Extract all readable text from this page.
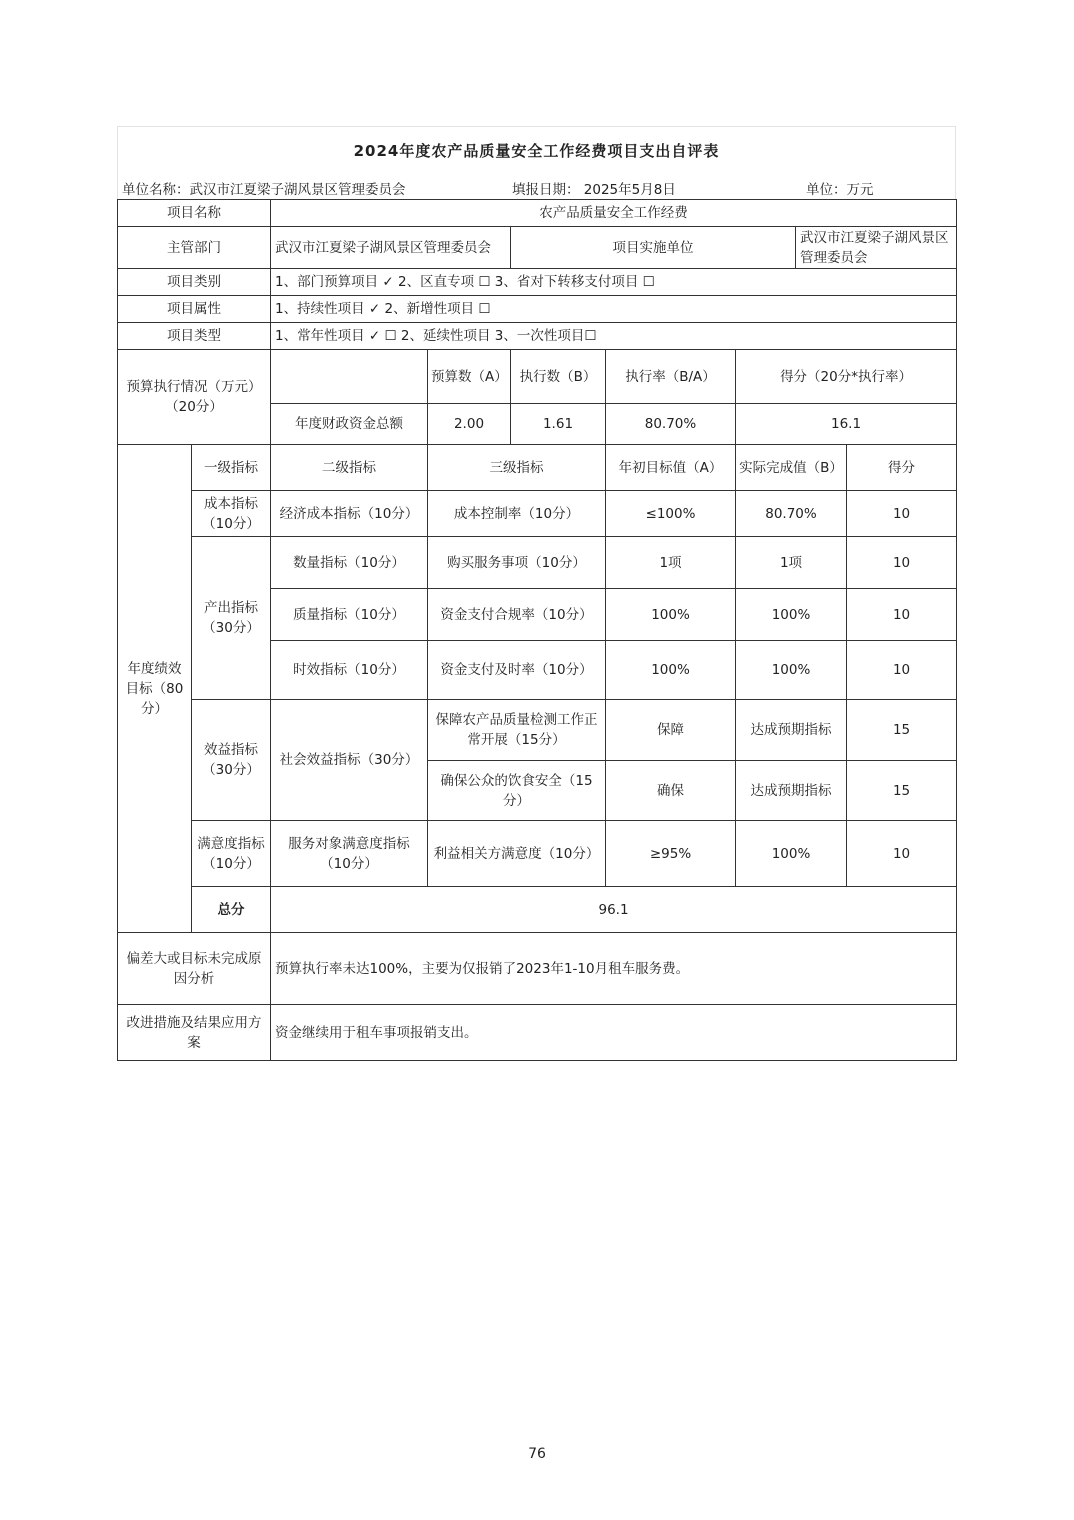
2024年度农产品质量安全工作经费项目支出自评表
单位名称：武汉市江夏梁子湖风景区管理委员会	填报日期： 2025年5月8日	单位：万元
项目名称		农产品质量安全工作经费						
主管部门		武汉市江夏梁子湖风景区管理委员会		项目实施单位			武汉市江夏梁子湖风景区管理委员会	
项目类别		1、部门预算项目 ✓ 2、区直专项 ☐ 3、省对下转移支付项目 ☐						
项目属性		1、持续性项目 ✓ 2、新增性项目 ☐						
项目类型		1、常年性项目 ✓ ☐ 2、延续性项目 3、一次性项目☐						
预算执行情况（万元）（20分）			预算数（A）	执行数（B）	执行率（B/A）	得分（20分*执行率）		
		年度财政资金总额	2.00	1.61	80.70%	16.1		
年度绩效目标（80分）	一级指标	二级指标	三级指标		年初目标值（A）	实际完成值（B）		得分
	成本指标（10分）	经济成本指标（10分）	成本控制率（10分）		≤100%	80.70%		10
	产出指标（30分）	数量指标（10分）	购买服务事项（10分）		1项	1项		10
		质量指标（10分）	资金支付合规率（10分）		100%	100%		10
		时效指标（10分）	资金支付及时率（10分）		100%	100%		10
	效益指标（30分）	社会效益指标（30分）	保障农产品质量检测工作正常开展（15分）		保障	达成预期指标		15
			确保公众的饮食安全（15分）		确保	达成预期指标		15
	满意度指标（10分）	服务对象满意度指标（10分）	利益相关方满意度（10分）		≥95%	100%		10
	总分	96.1						
偏差大或目标未完成原因分析		预算执行率未达100%，主要为仅报销了2023年1-10月租车服务费。						
改进措施及结果应用方案		资金继续用于租车事项报销支出。						
76
